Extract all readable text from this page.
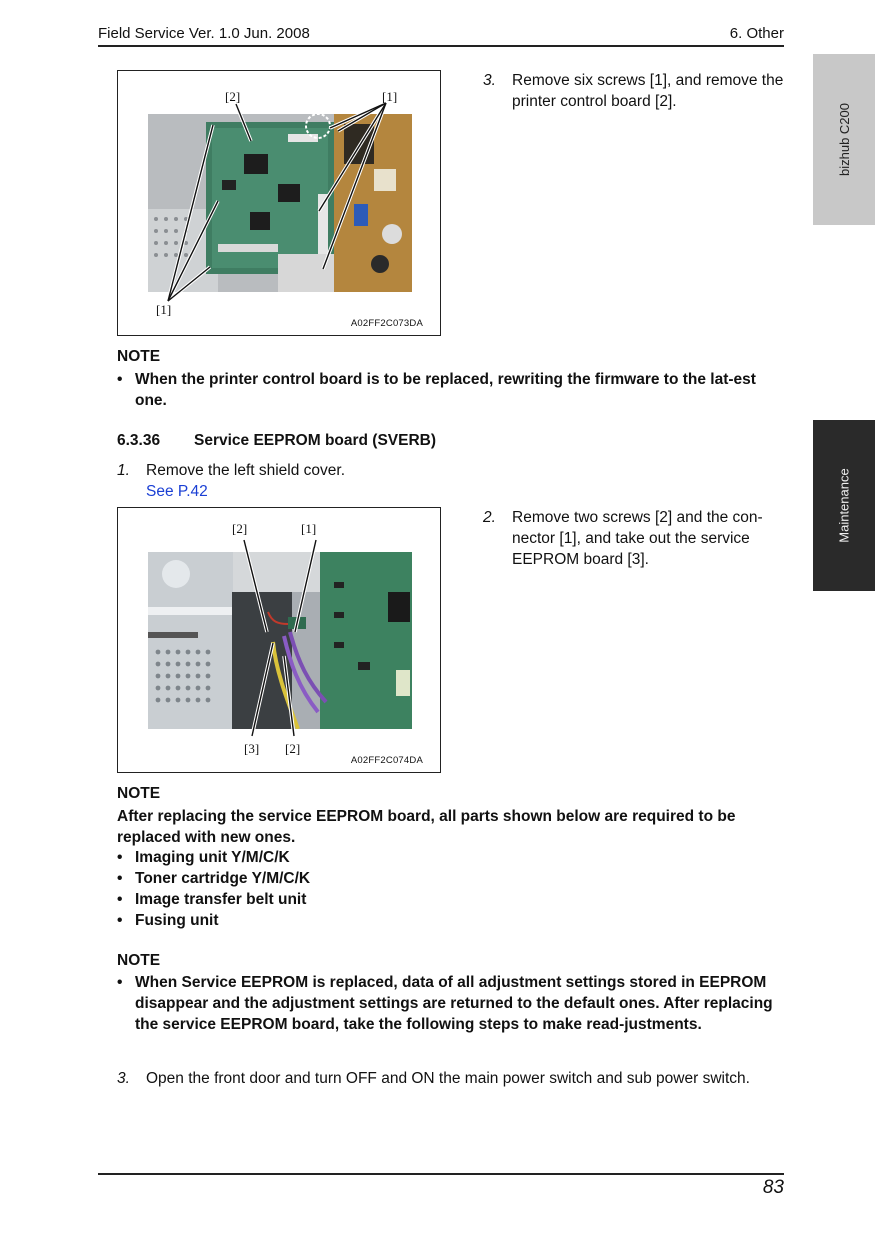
Field Service Ver. 1.0 Jun. 2008	6. Other
bizhub C200
Maintenance
[2]	[1]
[1]
A02FF2C073DA
3.	Remove six screws [1], and remove the printer control board [2].
NOTE
• When the printer control board is to be replaced, rewriting the firmware to the lat-est one.
6.3.36 Service EEPROM board (SVERB)
1.	Remove the left shield cover.
See P.42
[2]	[1]
[3] [2]
A02FF2C074DA
2.	Remove two screws [2] and the con-nector [1], and take out the service EEPROM board [3].
NOTE
After replacing the service EEPROM board, all parts shown below are required to be replaced with new ones.
• Imaging unit Y/M/C/K
• Toner cartridge Y/M/C/K
• Image transfer belt unit
• Fusing unit
NOTE
• When Service EEPROM is replaced, data of all adjustment settings stored in EEPROM disappear and the adjustment settings are returned to the default ones. After replacing the service EEPROM board, take the following steps to make read-justments.
3.	Open the front door and turn OFF and ON the main power switch and sub power switch.
83
